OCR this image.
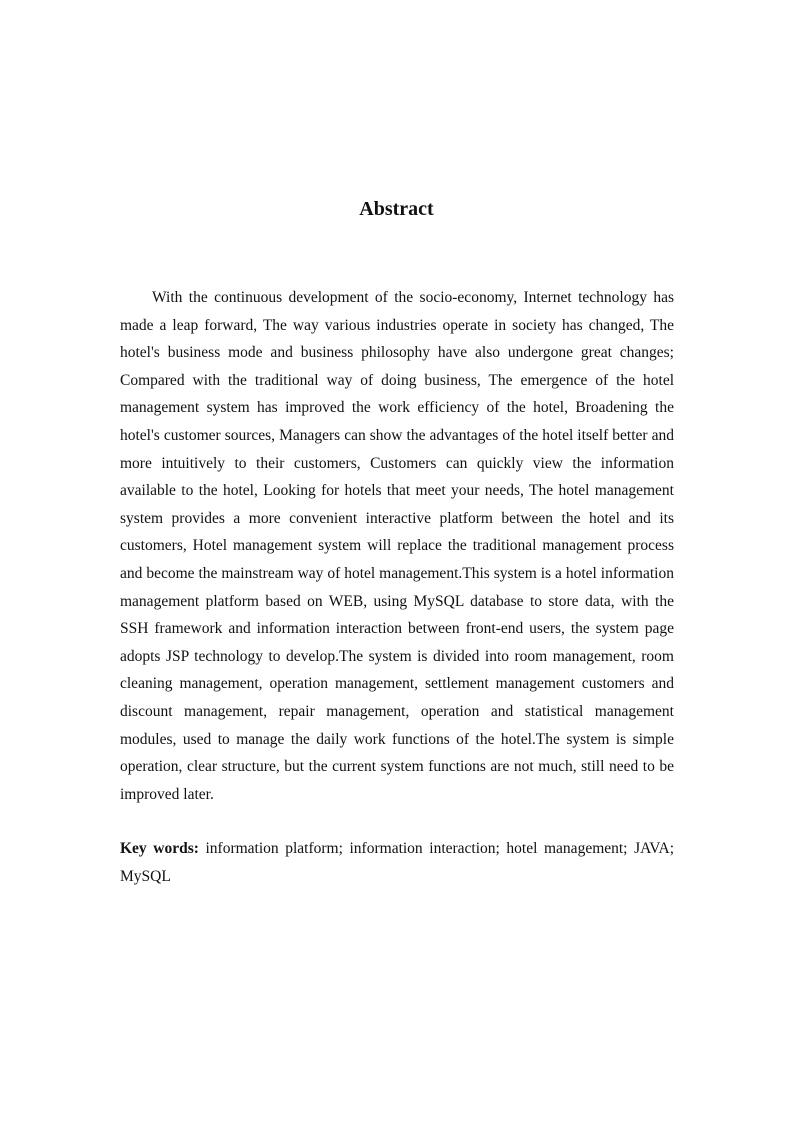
Abstract

With the continuous development of the socio-economy, Internet technology has made a leap forward, The way various industries operate in society has changed, The hotel's business mode and business philosophy have also undergone great changes; Compared with the traditional way of doing business, The emergence of the hotel management system has improved the work efficiency of the hotel, Broadening the hotel's customer sources, Managers can show the advantages of the hotel itself better and more intuitively to their customers, Customers can quickly view the information available to the hotel, Looking for hotels that meet your needs, The hotel management system provides a more convenient interactive platform between the hotel and its customers, Hotel management system will replace the traditional management process and become the mainstream way of hotel management.This system is a hotel information management platform based on WEB, using MySQL database to store data, with the SSH framework and information interaction between front-end users, the system page adopts JSP technology to develop.The system is divided into room management, room cleaning management, operation management, settlement management customers and discount management, repair management, operation and statistical management modules, used to manage the daily work functions of the hotel.The system is simple operation, clear structure, but the current system functions are not much, still need to be improved later.

Key words: information platform; information interaction; hotel management; JAVA; MySQL
